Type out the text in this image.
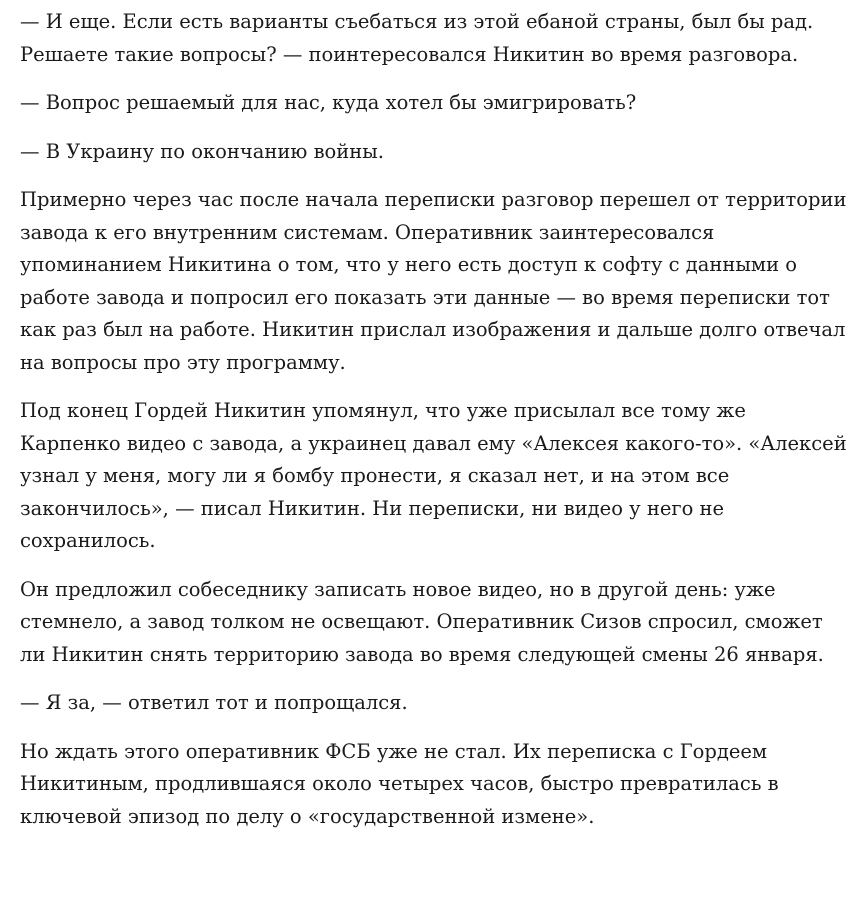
— И еще. Если есть варианты съебаться из этой ебаной страны, был бы рад. Решаете такие вопросы? — поинтересовался Никитин во время разговора.

— Вопрос решаемый для нас, куда хотел бы эмигрировать?

— В Украину по окончанию войны.

Примерно через час после начала переписки разговор перешел от территории завода к его внутренним системам. Оперативник заинтересовался упоминанием Никитина о том, что у него есть доступ к софту с данными о работе завода и попросил его показать эти данные — во время переписки тот как раз был на работе. Никитин прислал изображения и дальше долго отвечал на вопросы про эту программу.

Под конец Гордей Никитин упомянул, что уже присылал все тому же Карпенко видео с завода, а украинец давал ему «Алексея какого-то». «Алексей узнал у меня, могу ли я бомбу пронести, я сказал нет, и на этом все закончилось», — писал Никитин. Ни переписки, ни видео у него не сохранилось.

Он предложил собеседнику записать новое видео, но в другой день: уже стемнело, а завод толком не освещают. Оперативник Сизов спросил, сможет ли Никитин снять территорию завода во время следующей смены 26 января.

— Я за, — ответил тот и попрощался.

Но ждать этого оперативник ФСБ уже не стал. Их переписка с Гордеем Никитиным, продлившаяся около четырех часов, быстро превратилась в ключевой эпизод по делу о «государственной измене».
